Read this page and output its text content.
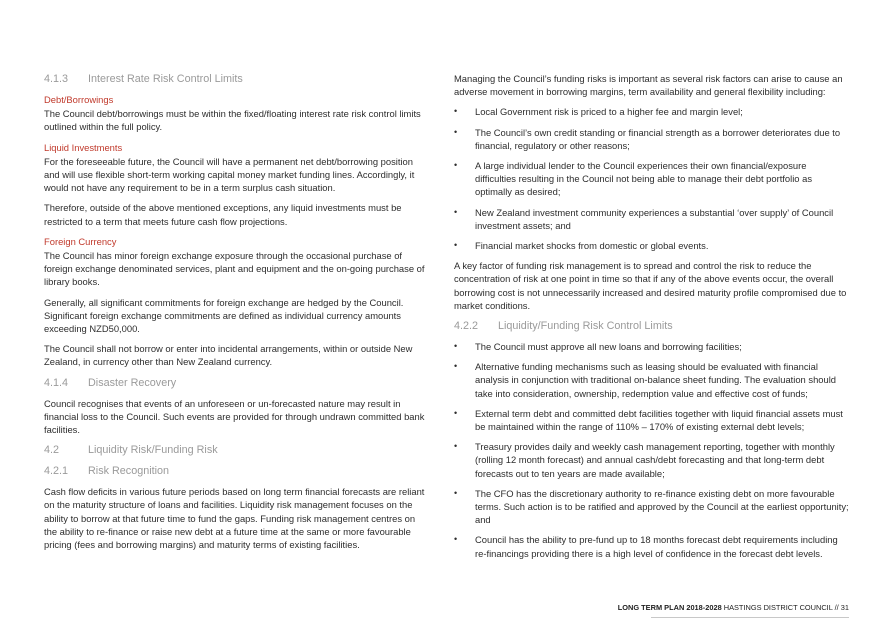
4.1.3	Interest Rate Risk Control Limits
Debt/Borrowings

The Council debt/borrowings must be within the fixed/floating interest rate risk control limits outlined within the full policy.

Liquid Investments

For the foreseeable future, the Council will have a permanent net debt/borrowing position and will use flexible short-term working capital money market funding lines. Accordingly, it would not have any requirement to be in a term surplus cash situation.

Therefore, outside of the above mentioned exceptions, any liquid investments must be restricted to a term that meets future cash flow projections.

Foreign Currency

The Council has minor foreign exchange exposure through the occasional purchase of foreign exchange denominated services, plant and equipment and the on-going purchase of library books.

Generally, all significant commitments for foreign exchange are hedged by the Council. Significant foreign exchange commitments are defined as individual currency amounts exceeding NZD50,000.

The Council shall not borrow or enter into incidental arrangements, within or outside New Zealand, in currency other than New Zealand currency.

4.1.4	Disaster Recovery

Council recognises that events of an unforeseen or un-forecasted nature may result in financial loss to the Council. Such events are provided for through undrawn committed bank facilities.

4.2	Liquidity Risk/Funding Risk
4.2.1	Risk Recognition

Cash flow deficits in various future periods based on long term financial forecasts are reliant on the maturity structure of loans and facilities. Liquidity risk management focuses on the ability to borrow at that future time to fund the gaps. Funding risk management centres on the ability to re-finance or raise new debt at a future time at the same or more favourable pricing (fees and borrowing margins) and maturity terms of existing facilities.

Managing the Council’s funding risks is important as several risk factors can arise to cause an adverse movement in borrowing margins, term availability and general flexibility including:

• Local Government risk is priced to a higher fee and margin level;
• The Council’s own credit standing or financial strength as a borrower deteriorates due to financial, regulatory or other reasons;
• A large individual lender to the Council experiences their own financial/exposure difficulties resulting in the Council not being able to manage their debt portfolio as optimally as desired;
• New Zealand investment community experiences a substantial ‘over supply’ of Council investment assets; and
• Financial market shocks from domestic or global events.

A key factor of funding risk management is to spread and control the risk to reduce the concentration of risk at one point in time so that if any of the above events occur, the overall borrowing cost is not unnecessarily increased and desired maturity profile compromised due to market conditions.

4.2.2	Liquidity/Funding Risk Control Limits
• The Council must approve all new loans and borrowing facilities;
• Alternative funding mechanisms such as leasing should be evaluated with financial analysis in conjunction with traditional on-balance sheet funding. The evaluation should take into consideration, ownership, redemption value and effective cost of funds;
• External term debt and committed debt facilities together with liquid financial assets must be maintained within the range of 110% – 170% of existing external debt levels;
• Treasury provides daily and weekly cash management reporting, together with monthly (rolling 12 month forecast) and annual cash/debt forecasting and that long-term debt forecasts out to ten years are made available;
• The CFO has the discretionary authority to re-finance existing debt on more favourable terms. Such action is to be ratified and approved by the Council at the earliest opportunity; and
• Council has the ability to pre-fund up to 18 months forecast debt requirements including re-financings providing there is a high level of confidence in the forecast debt levels.
LONG TERM PLAN 2018-2028 HASTINGS DISTRICT COUNCIL // 31
